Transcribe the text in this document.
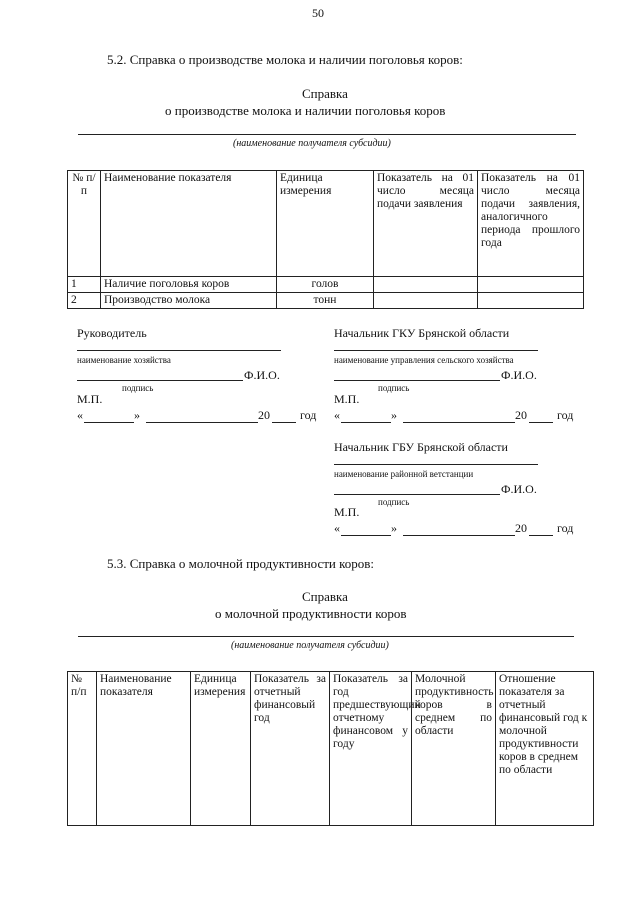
50
5.2. Справка о производстве молока и наличии поголовья коров:
Справка
о производстве молока и наличии поголовья коров
(наименование получателя субсидии)
№ п/п	Наименование показателя	Единица измерения	Показатель на 01 число месяца подачи заявления	Показатель на 01 число месяца подачи заявления, аналогичного периода прошлого года
1	Наличие поголовья коров	голов		
2	Производство молока	тонн		
Руководитель
наименование хозяйства
Ф.И.О.
подпись
М.П.
«	»	20	год
Начальник ГКУ Брянской области
наименование управления сельского хозяйства
Ф.И.О.
подпись
М.П.
«	»	20	год
Начальник ГБУ Брянской области
наименование районной ветстанции
Ф.И.О.
подпись
М.П.
«	»	20	год
5.3. Справка о молочной продуктивности коров:
Справка
о молочной продуктивности коров
(наименование получателя субсидии)
№ п/п	Наименование показателя	Единица измерения	Показатель за отчетный финансовый год	Показатель за год предшествующий отчетному финансовом у году	Молочной продуктивность коров в среднем по области	Отношение показателя за отчетный финансовый год к молочной продуктивности коров в среднем по области
